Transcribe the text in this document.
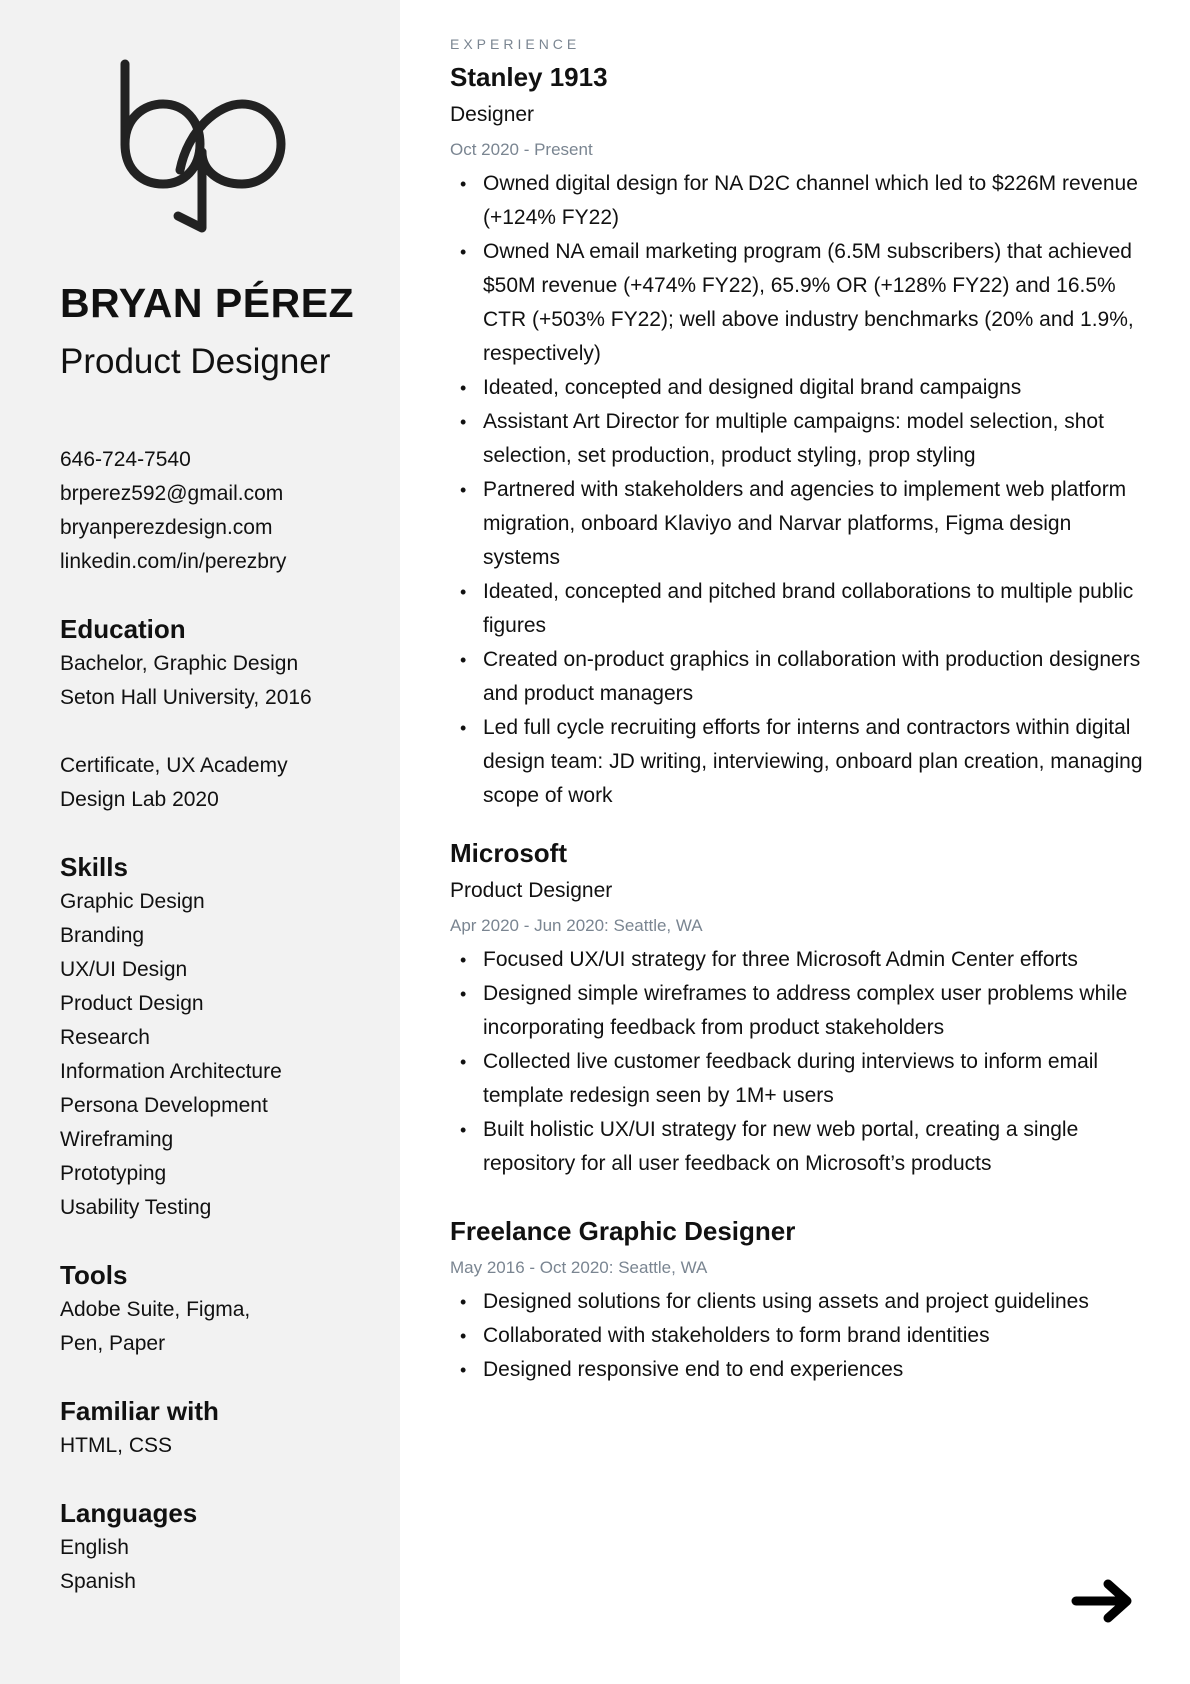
BRYAN PÉREZ
Product Designer
646-724-7540
brperez592@gmail.com
bryanperezdesign.com
linkedin.com/in/perezbry
Education
Bachelor, Graphic Design
Seton Hall University, 2016
Certificate, UX Academy
Design Lab 2020
Skills
Graphic Design
Branding
UX/UI Design
Product Design
Research
Information Architecture
Persona Development
Wireframing
Prototyping
Usability Testing
Tools
Adobe Suite, Figma,
Pen, Paper
Familiar with
HTML, CSS
Languages
English
Spanish
EXPERIENCE
Stanley 1913
Designer
Oct 2020 - Present
• Owned digital design for NA D2C channel which led to $226M revenue (+124% FY22)
• Owned NA email marketing program (6.5M subscribers) that achieved $50M revenue (+474% FY22), 65.9% OR (+128% FY22) and 16.5% CTR (+503% FY22); well above industry benchmarks (20% and 1.9%, respectively)
• Ideated, concepted and designed digital brand campaigns
• Assistant Art Director for multiple campaigns: model selection, shot selection, set production, product styling, prop styling
• Partnered with stakeholders and agencies to implement web platform migration, onboard Klaviyo and Narvar platforms, Figma design systems
• Ideated, concepted and pitched brand collaborations to multiple public figures
• Created on-product graphics in collaboration with production designers and product managers
• Led full cycle recruiting efforts for interns and contractors within digital design team: JD writing, interviewing, onboard plan creation, managing scope of work
Microsoft
Product Designer
Apr 2020 - Jun 2020: Seattle, WA
• Focused UX/UI strategy for three Microsoft Admin Center efforts
• Designed simple wireframes to address complex user problems while incorporating feedback from product stakeholders
• Collected live customer feedback during interviews to inform email template redesign seen by 1M+ users
• Built holistic UX/UI strategy for new web portal, creating a single repository for all user feedback on Microsoft’s products
Freelance Graphic Designer
May 2016 - Oct 2020: Seattle, WA
• Designed solutions for clients using assets and project guidelines
• Collaborated with stakeholders to form brand identities
• Designed responsive end to end experiences
